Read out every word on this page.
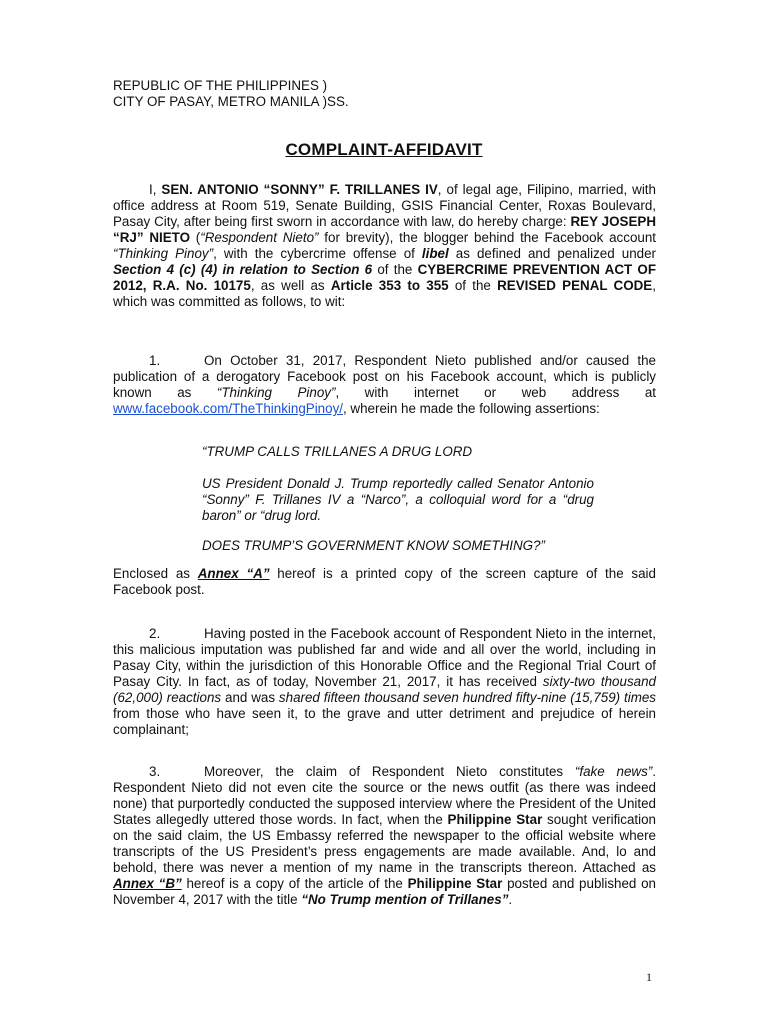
REPUBLIC OF THE PHILIPPINES )
CITY OF PASAY, METRO MANILA )SS.
COMPLAINT-AFFIDAVIT
I, SEN. ANTONIO “SONNY” F. TRILLANES IV, of legal age, Filipino, married, with office address at Room 519, Senate Building, GSIS Financial Center, Roxas Boulevard, Pasay City, after being first sworn in accordance with law, do hereby charge: REY JOSEPH “RJ” NIETO (“Respondent Nieto” for brevity), the blogger behind the Facebook account “Thinking Pinoy”, with the cybercrime offense of libel as defined and penalized under Section 4 (c) (4) in relation to Section 6 of the CYBERCRIME PREVENTION ACT OF 2012, R.A. No. 10175, as well as Article 353 to 355 of the REVISED PENAL CODE, which was committed as follows, to wit:
1.	On October 31, 2017, Respondent Nieto published and/or caused the publication of a derogatory Facebook post on his Facebook account, which is publicly known as “Thinking Pinoy”, with internet or web address at www.facebook.com/TheThinkingPinoy/, wherein he made the following assertions:
“TRUMP CALLS TRILLANES A DRUG LORD
US President Donald J. Trump reportedly called Senator Antonio “Sonny” F. Trillanes IV a “Narco”, a colloquial word for a “drug baron” or “drug lord.
DOES TRUMP’S GOVERNMENT KNOW SOMETHING?”
Enclosed as Annex “A” hereof is a printed copy of the screen capture of the said Facebook post.
2.	Having posted in the Facebook account of Respondent Nieto in the internet, this malicious imputation was published far and wide and all over the world, including in Pasay City, within the jurisdiction of this Honorable Office and the Regional Trial Court of Pasay City. In fact, as of today, November 21, 2017, it has received sixty-two thousand (62,000) reactions and was shared fifteen thousand seven hundred fifty-nine (15,759) times from those who have seen it, to the grave and utter detriment and prejudice of herein complainant;
3.	Moreover, the claim of Respondent Nieto constitutes “fake news”. Respondent Nieto did not even cite the source or the news outfit (as there was indeed none) that purportedly conducted the supposed interview where the President of the United States allegedly uttered those words. In fact, when the Philippine Star sought verification on the said claim, the US Embassy referred the newspaper to the official website where transcripts of the US President’s press engagements are made available. And, lo and behold, there was never a mention of my name in the transcripts thereon. Attached as Annex “B” hereof is a copy of the article of the Philippine Star posted and published on November 4, 2017 with the title “No Trump mention of Trillanes”.
1
